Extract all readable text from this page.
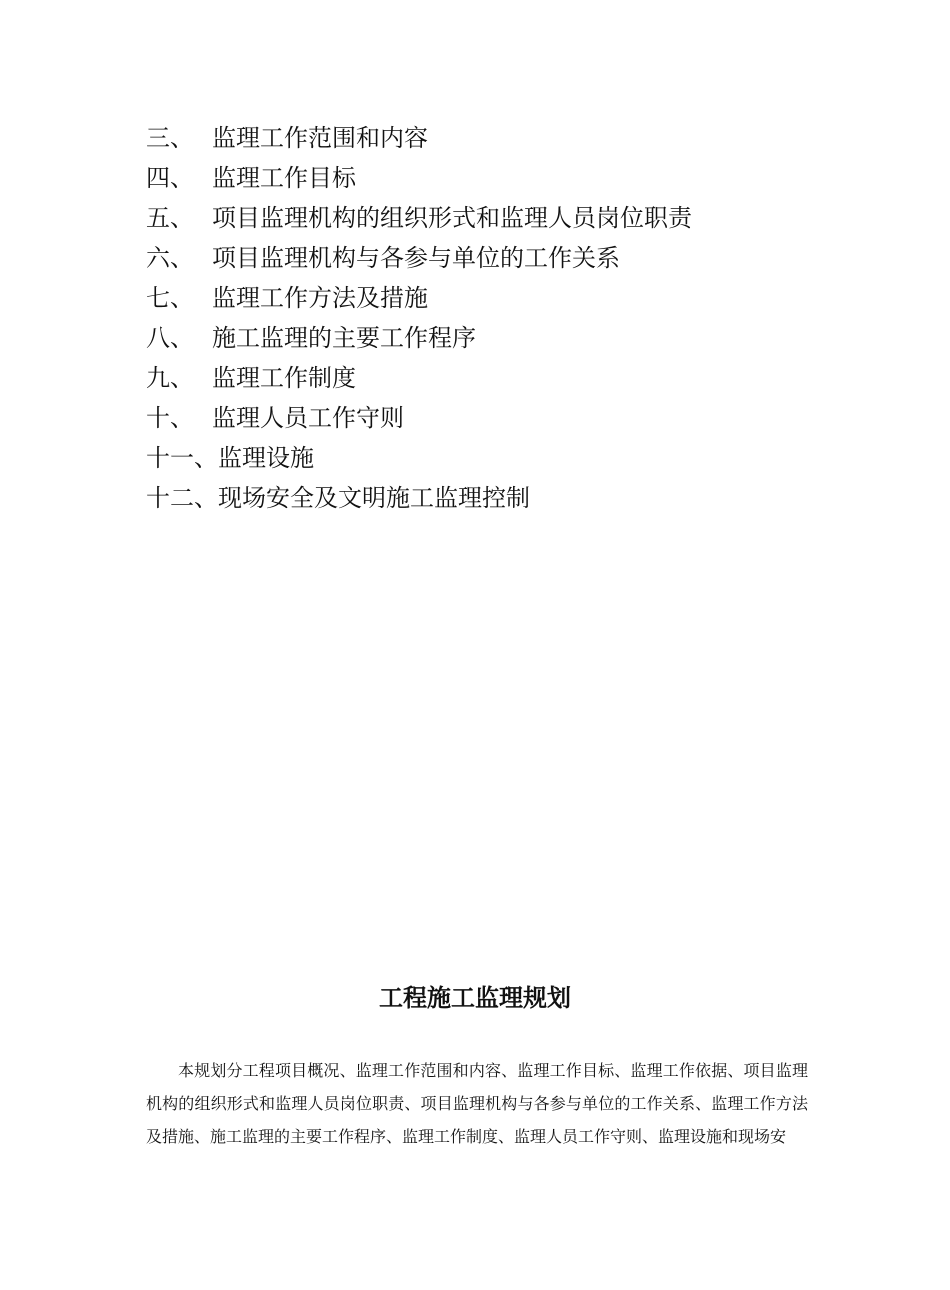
三、 监理工作范围和内容
四、 监理工作目标
五、 项目监理机构的组织形式和监理人员岗位职责
六、 项目监理机构与各参与单位的工作关系
七、 监理工作方法及措施
八、 施工监理的主要工作程序
九、 监理工作制度
十、 监理人员工作守则
十一、 监理设施
十二、 现场安全及文明施工监理控制
工程施工监理规划

本规划分工程项目概况、监理工作范围和内容、监理工作目标、监理工作依据、项目监理机构的组织形式和监理人员岗位职责、项目监理机构与各参与单位的工作关系、监理工作方法及措施、施工监理的主要工作程序、监理工作制度、监理人员工作守则、监理设施和现场安
